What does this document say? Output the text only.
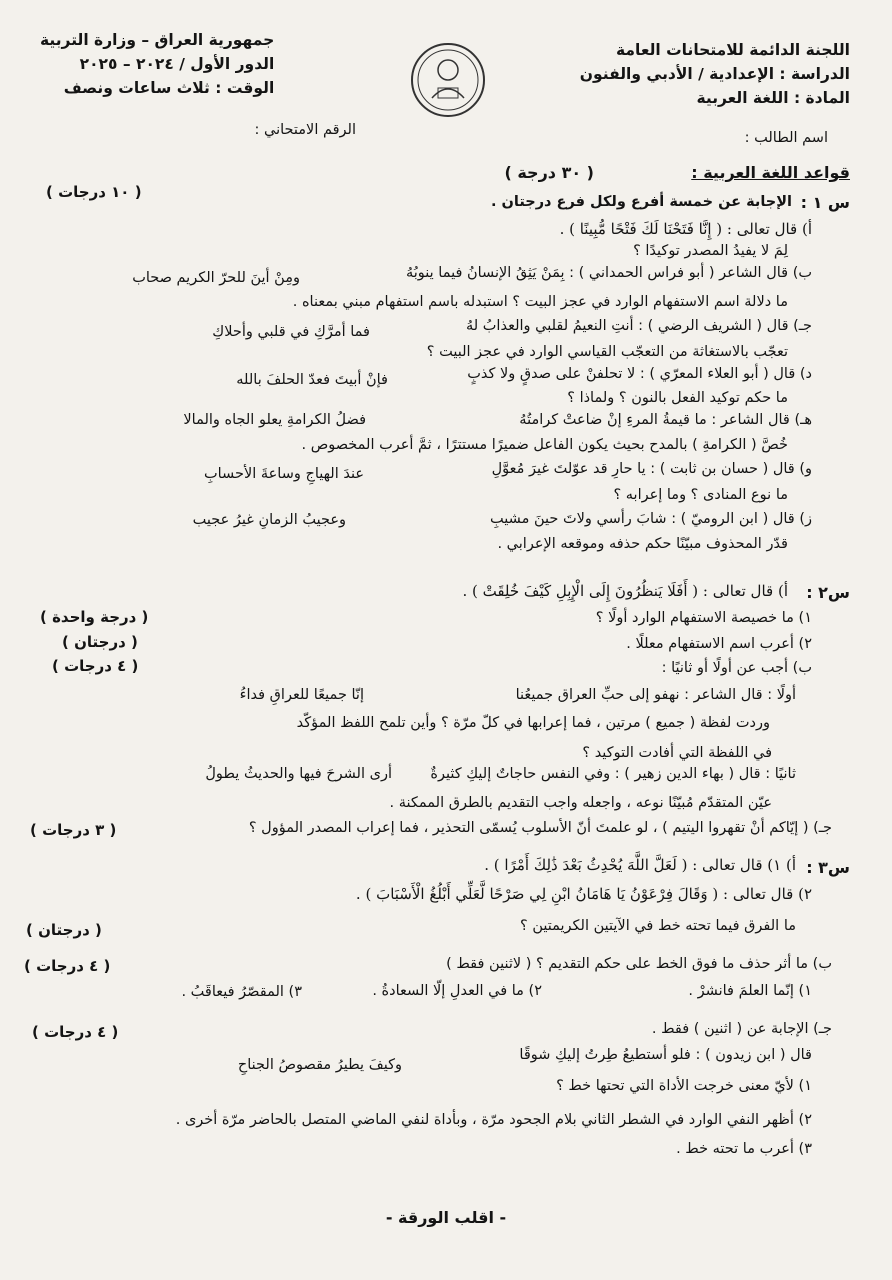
اللجنة الدائمة للامتحانات العامة
الدراسة : الإعدادية / الأدبي والفنون
المادة : اللغة العربية
جمهورية العراق – وزارة التربية
الدور الأول / ٢٠٢٤ – ٢٠٢٥
الوقت : ثلاث ساعات ونصف
اسم الطالب :
الرقم الامتحاني :
قواعد اللغة العربية :
( ٣٠ درجة )
س ١ :
الإجابة عن خمسة أفرع ولكل فرع درجتان .
( ١٠ درجات )
أ) قال تعالى : ( إِنَّا فَتَحْنَا لَكَ فَتْحًا مُّبِينًا ) .
لِمَ لا يفيدُ المصدر توكيدًا ؟
ب) قال الشاعر ( أبو فراس الحمداني ) : بِمَنْ يَثِقُ الإنسانُ فيما ينوبُهُ
ومِنْ أينَ للحرّ الكريم صحاب
ما دلالة اسم الاستفهام الوارد في عجز البيت ؟ استبدله باسم استفهام مبني بمعناه .
جـ) قال ( الشريف الرضي ) : أنتِ النعيمُ لقلبي والعذابُ لهُ
فما أمرَّكِ في قلبي وأحلاكِ
تعجّب بالاستغاثة من التعجّب القياسي الوارد في عجز البيت ؟
د) قال ( أبو العلاء المعرّي ) : لا تحلفنْ على صدقٍ ولا كذبٍ
فإنْ أبيتَ فعدّ الحلفَ بالله
ما حكم توكيد الفعل بالنون ؟ ولماذا ؟
هـ) قال الشاعر : ما قيمةُ المرءِ إنْ ضاعتْ كرامتُهُ
فضلُ الكرامةِ يعلو الجاه والمالا
خُصَّ ( الكرامةِ ) بالمدح بحيث يكون الفاعل ضميرًا مستترًا ، ثمَّ أعرب المخصوص .
و) قال ( حسان بن ثابت ) : يا حارِ قد عوّلتَ غيرَ مُعوَّلِ
عندَ الهياجِ وساعةَ الأحسابِ
ما نوع المنادى ؟ وما إعرابه ؟
ز) قال ( ابن الروميّ ) : شابَ رأسي ولاتَ حينَ مشيبِ
وعجيبُ الزمانِ غيرُ عجيب
قدّر المحذوف مبيّنًا حكم حذفه وموقعه الإعرابي .
س٢ :
أ) قال تعالى : ( أَفَلَا يَنظُرُونَ إِلَى الْإِبِلِ كَيْفَ خُلِقَتْ ) .
١) ما خصيصة الاستفهام الوارد أولًا ؟
٢) أعرب اسم الاستفهام معللًا .
ب) أجب عن أولًا أو ثانيًا :
أولًا : قال الشاعر : نهفو إلى حبِّ العراق جميعُنا
إنّا جميعًا للعراقِ فداءُ
وردت لفظة ( جميع ) مرتين ، فما إعرابها في كلّ مرّة ؟ وأين تلمح اللفظ المؤكّد
في اللفظة التي أفادت التوكيد ؟
ثانيًا : قال ( بهاء الدين زهير ) : وفي النفس حاجاتٌ إليكِ كثيرةٌ
أرى الشرحَ فيها والحديثُ يطولُ
عيّن المتقدّم مُبيّنًا نوعه ، واجعله واجب التقديم بالطرق الممكنة .
جـ) ( إيّاكم أنْ تقهروا اليتيم ) ، لو علمتَ أنّ الأسلوب يُسمّى التحذير ، فما إعراب المصدر المؤول ؟
( درجة واحدة )
( درجتان )
( ٤ درجات )
( ٣ درجات )
س٣ :
أ) ١) قال تعالى : ( لَعَلَّ اللَّهَ يُحْدِثُ بَعْدَ ذَٰلِكَ أَمْرًا ) .
٢) قال تعالى : ( وَقَالَ فِرْعَوْنُ يَا هَامَانُ ابْنِ لِي صَرْحًا لَّعَلِّي أَبْلُغُ الْأَسْبَابَ ) .
ما الفرق فيما تحته خط في الآيتين الكريمتين ؟
ب) ما أثر حذف ما فوق الخط على حكم التقديم ؟ ( لاثنين فقط )
١) إنّما العلمَ فانشرْ .
٢) ما في العدلِ إلّا السعادةُ .
٣) المقصّرُ فيعاقَبُ .
جـ) الإجابة عن ( اثنين ) فقط .
قال ( ابن زيدون ) : فلو أستطيعُ طِرتُ إليكِ شوقًا
وكيفَ يطيرُ مقصوصُ الجناحِ
١) لأيّ معنى خرجت الأداة التي تحتها خط ؟
٢) أظهر النفي الوارد في الشطر الثاني بلام الجحود مرّة ، وبأداة لنفي الماضي المتصل بالحاضر مرّة أخرى .
٣) أعرب ما تحته خط .
( درجتان )
( ٤ درجات )
( ٤ درجات )
- اقلب الورقة -
